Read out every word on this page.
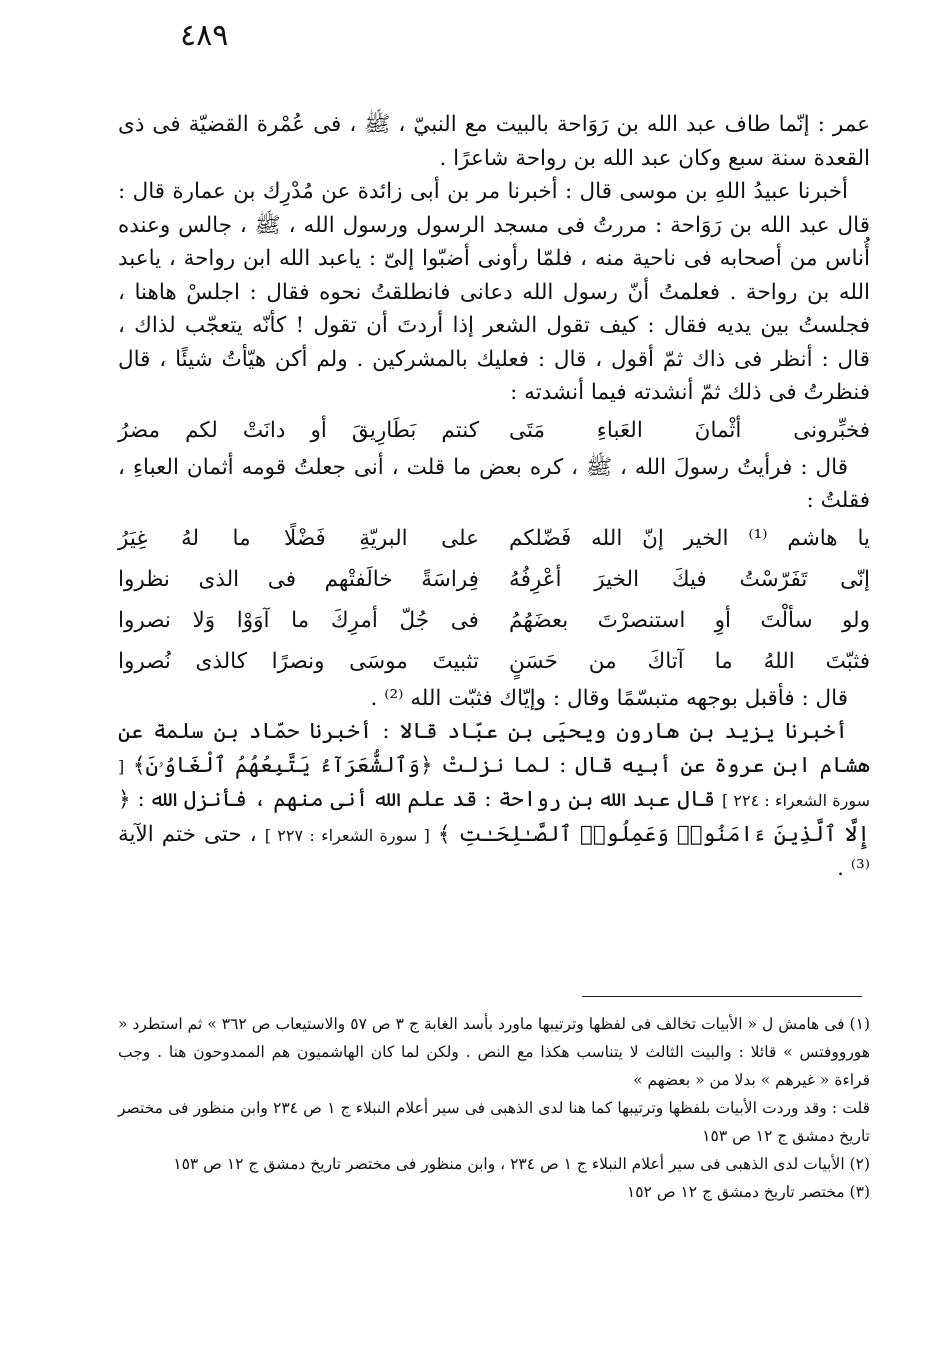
٤٨٩

عمر : إنّما طاف عبد الله بن رَوَاحة بالبيت مع النبيّ ، ﷺ ، فى عُمْرة القضيّة فى ذى القعدة سنة سبع وكان عبد الله بن رواحة شاعرًا .

أخبرنا عبيدُ اللهِ بن موسى قال : أخبرنا مر بن أبى زائدة عن مُدْرِك بن عمارة قال : قال عبد الله بن رَوَاحة : مررتُ فى مسجد الرسول ورسول الله ، ﷺ ، جالس وعنده أُناس من أصحابه فى ناحية منه ، فلمّا رأونى أضبّوا إلىّ : ياعبد الله ابن رواحة ، ياعبد الله بن رواحة . فعلمتُ أنّ رسول الله دعانى فانطلقتُ نحوه فقال : اجلسْ هاهنا ، فجلستُ بين يديه فقال : كيف تقول الشعر إذا أردتَ أن تقول ! كأنّه يتعجّب لذاك ، قال : أنظر فى ذاك ثمّ أقول ، قال : فعليك بالمشركين . ولم أكن هيّأتُ شيئًا ، قال فنظرتُ فى ذلك ثمّ أنشدته فيما أنشدته :

فخبِّرونى أثْمانَ العَباءِ مَتَى
كنتم بَطَارِيقَ أو دانَتْ لكم مضرُ

قال : فرأيتُ رسولَ الله ، ﷺ ، كره بعض ما قلت ، أنى جعلتُ قومه أثمان العباءِ ، فقلتُ :

يا هاشم ⁽¹⁾ الخير إنّ الله فَضّلكم
على البريّةِ فَضْلًا ما لهُ غِيَرُ
إنّى تَفَرّسْتُ فيكَ الخيرَ أعْرِفُهُ
فِراسَةً خالَفتْهم فى الذى نظروا
ولو سألْتَ أوِ استنصرْتَ بعضَهُمُ
فى جُلّ أمرِكَ ما آوَوْا وَلا نصروا
فثبّتَ اللهُ ما آتاكَ من حَسَنٍ
تثبيتَ موسَى ونصرًا كالذى نُصروا

قال : فأقبل بوجهه متبسّمًا وقال : وإيّاك فثبّت الله ⁽²⁾ .

أخبرنا يزيد بن هارون ويحيَى بن عبّاد قالا : أخبرنا حمّاد بن سلمة عن هشام ابن عروة عن أبيه قال : لما نزلتْ ﴿وَٱلشُّعَرَآءُ يَتَّبِعُهُمُ ٱلْغَاوُۥنَ﴾ [ سورة الشعراء : ٢٢٤ ] قال عبد الله بن رواحة : قد علم الله أنى منهم ، فأنزل الله : ﴿ إِلَّا ٱلَّذِينَ ءَامَنُوا۟ وَعَمِلُوا۟ ٱلصَّـٰلِحَـٰتِ ﴾ [ سورة الشعراء : ٢٢٧ ] ، حتى ختم الآية ⁽³⁾ .

(١) فى هامش ل « الأبيات تخالف فى لفظها وترتيبها ماورد بأسد الغابة ج ٣ ص ٥٧ والاستيعاب ص ٣٦٢ » ثم استطرد « هورووفتس » قائلا : والبيت الثالث لا يتناسب هكذا مع النص . ولكن لما كان الهاشميون هم الممدوحون هنا . وجب قراءة « غيرهم » بدلا من « بعضهم »

قلت : وقد وردت الأبيات بلفظها وترتيبها كما هنا لدى الذهبى فى سير أعلام النبلاء ج ١ ص ٢٣٤ وابن منظور فى مختصر تاريخ دمشق ج ١٢ ص ١٥٣

(٢) الأبيات لدى الذهبى فى سير أعلام النبلاء ج ١ ص ٢٣٤ ، وابن منظور فى مختصر تاريخ دمشق ج ١٢ ص ١٥٣

(٣) مختصر تاريخ دمشق ج ١٢ ص ١٥٢
